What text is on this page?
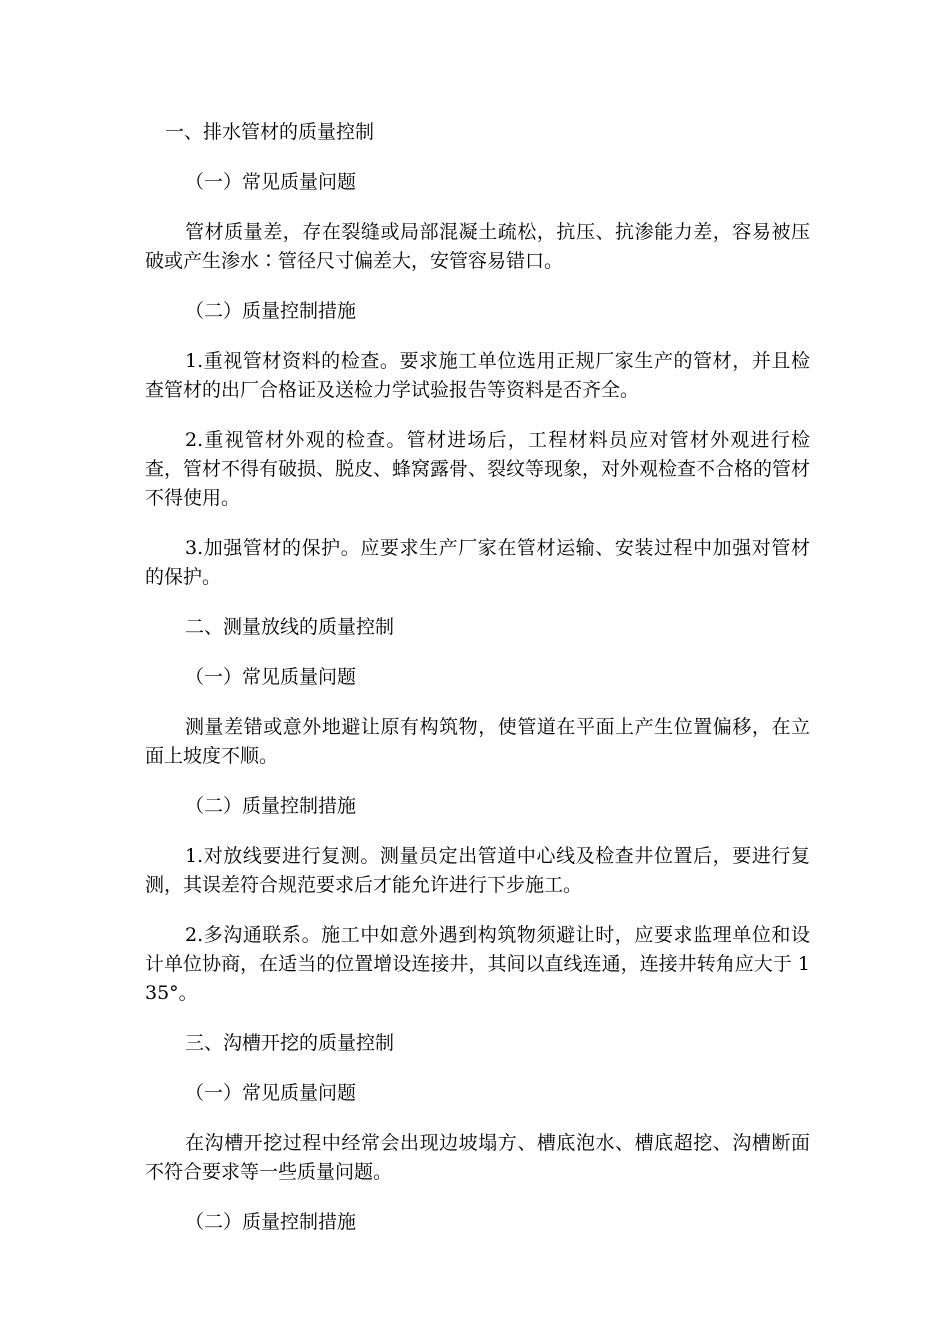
一、排水管材的质量控制

（一）常见质量问题

管材质量差，存在裂缝或局部混凝土疏松，抗压、抗渗能力差，容易被压破或产生渗水∶管径尺寸偏差大，安管容易错口。

（二）质量控制措施

1.重视管材资料的检查。要求施工单位选用正规厂家生产的管材，并且检查管材的出厂合格证及送检力学试验报告等资料是否齐全。

2.重视管材外观的检查。管材进场后，工程材料员应对管材外观进行检查，管材不得有破损、脱皮、蜂窝露骨、裂纹等现象，对外观检查不合格的管材不得使用。

3.加强管材的保护。应要求生产厂家在管材运输、安装过程中加强对管材的保护。

二、测量放线的质量控制

（一）常见质量问题

测量差错或意外地避让原有构筑物，使管道在平面上产生位置偏移，在立面上坡度不顺。

（二）质量控制措施

1.对放线要进行复测。测量员定出管道中心线及检查井位置后，要进行复测，其误差符合规范要求后才能允许进行下步施工。

2.多沟通联系。施工中如意外遇到构筑物须避让时，应要求监理单位和设计单位协商，在适当的位置增设连接井，其间以直线连通，连接井转角应大于 135°。

三、沟槽开挖的质量控制

（一）常见质量问题

在沟槽开挖过程中经常会出现边坡塌方、槽底泡水、槽底超挖、沟槽断面不符合要求等一些质量问题。

（二）质量控制措施
